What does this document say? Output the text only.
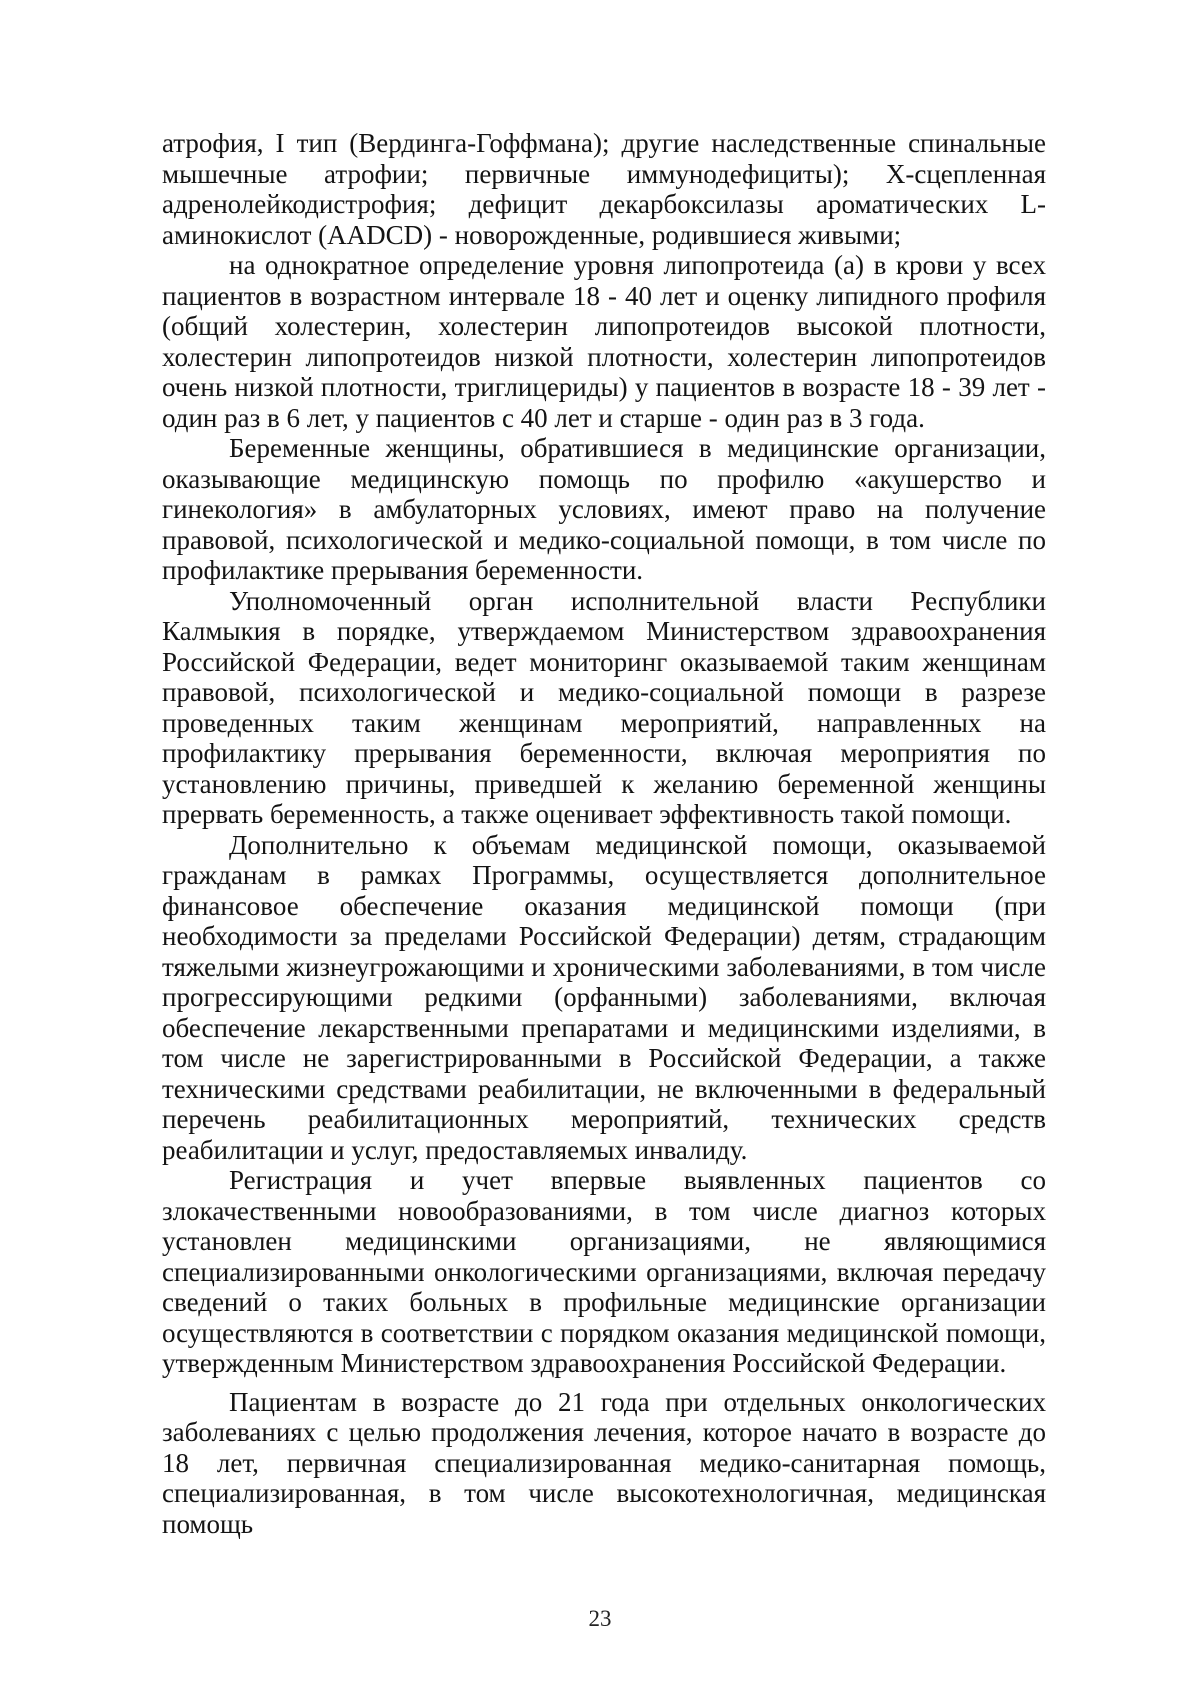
атрофия, I тип (Вердинга-Гоффмана); другие наследственные спинальные мышечные атрофии; первичные иммунодефициты); X-сцепленная адренолейкодистрофия; дефицит декарбоксилазы ароматических L-аминокислот (AADCD) - новорожденные, родившиеся живыми;

на однократное определение уровня липопротеида (а) в крови у всех пациентов в возрастном интервале 18 - 40 лет и оценку липидного профиля (общий холестерин, холестерин липопротеидов высокой плотности, холестерин липопротеидов низкой плотности, холестерин липопротеидов очень низкой плотности, триглицериды) у пациентов в возрасте 18 - 39 лет - один раз в 6 лет, у пациентов с 40 лет и старше - один раз в 3 года.

Беременные женщины, обратившиеся в медицинские организации, оказывающие медицинскую помощь по профилю «акушерство и гинекология» в амбулаторных условиях, имеют право на получение правовой, психологической и медико-социальной помощи, в том числе по профилактике прерывания беременности.

Уполномоченный орган исполнительной власти Республики Калмыкия в порядке, утверждаемом Министерством здравоохранения Российской Федерации, ведет мониторинг оказываемой таким женщинам правовой, психологической и медико-социальной помощи в разрезе проведенных таким женщинам мероприятий, направленных на профилактику прерывания беременности, включая мероприятия по установлению причины, приведшей к желанию беременной женщины прервать беременность, а также оценивает эффективность такой помощи.

Дополнительно к объемам медицинской помощи, оказываемой гражданам в рамках Программы, осуществляется дополнительное финансовое обеспечение оказания медицинской помощи (при необходимости за пределами Российской Федерации) детям, страдающим тяжелыми жизнеугрожающими и хроническими заболеваниями, в том числе прогрессирующими редкими (орфанными) заболеваниями, включая обеспечение лекарственными препаратами и медицинскими изделиями, в том числе не зарегистрированными в Российской Федерации, а также техническими средствами реабилитации, не включенными в федеральный перечень реабилитационных мероприятий, технических средств реабилитации и услуг, предоставляемых инвалиду.

Регистрация и учет впервые выявленных пациентов со злокачественными новообразованиями, в том числе диагноз которых установлен медицинскими организациями, не являющимися специализированными онкологическими организациями, включая передачу сведений о таких больных в профильные медицинские организации осуществляются в соответствии с порядком оказания медицинской помощи, утвержденным Министерством здравоохранения Российской Федерации.

Пациентам в возрасте до 21 года при отдельных онкологических заболеваниях с целью продолжения лечения, которое начато в возрасте до 18 лет, первичная специализированная медико-санитарная помощь, специализированная, в том числе высокотехнологичная, медицинская помощь

23
